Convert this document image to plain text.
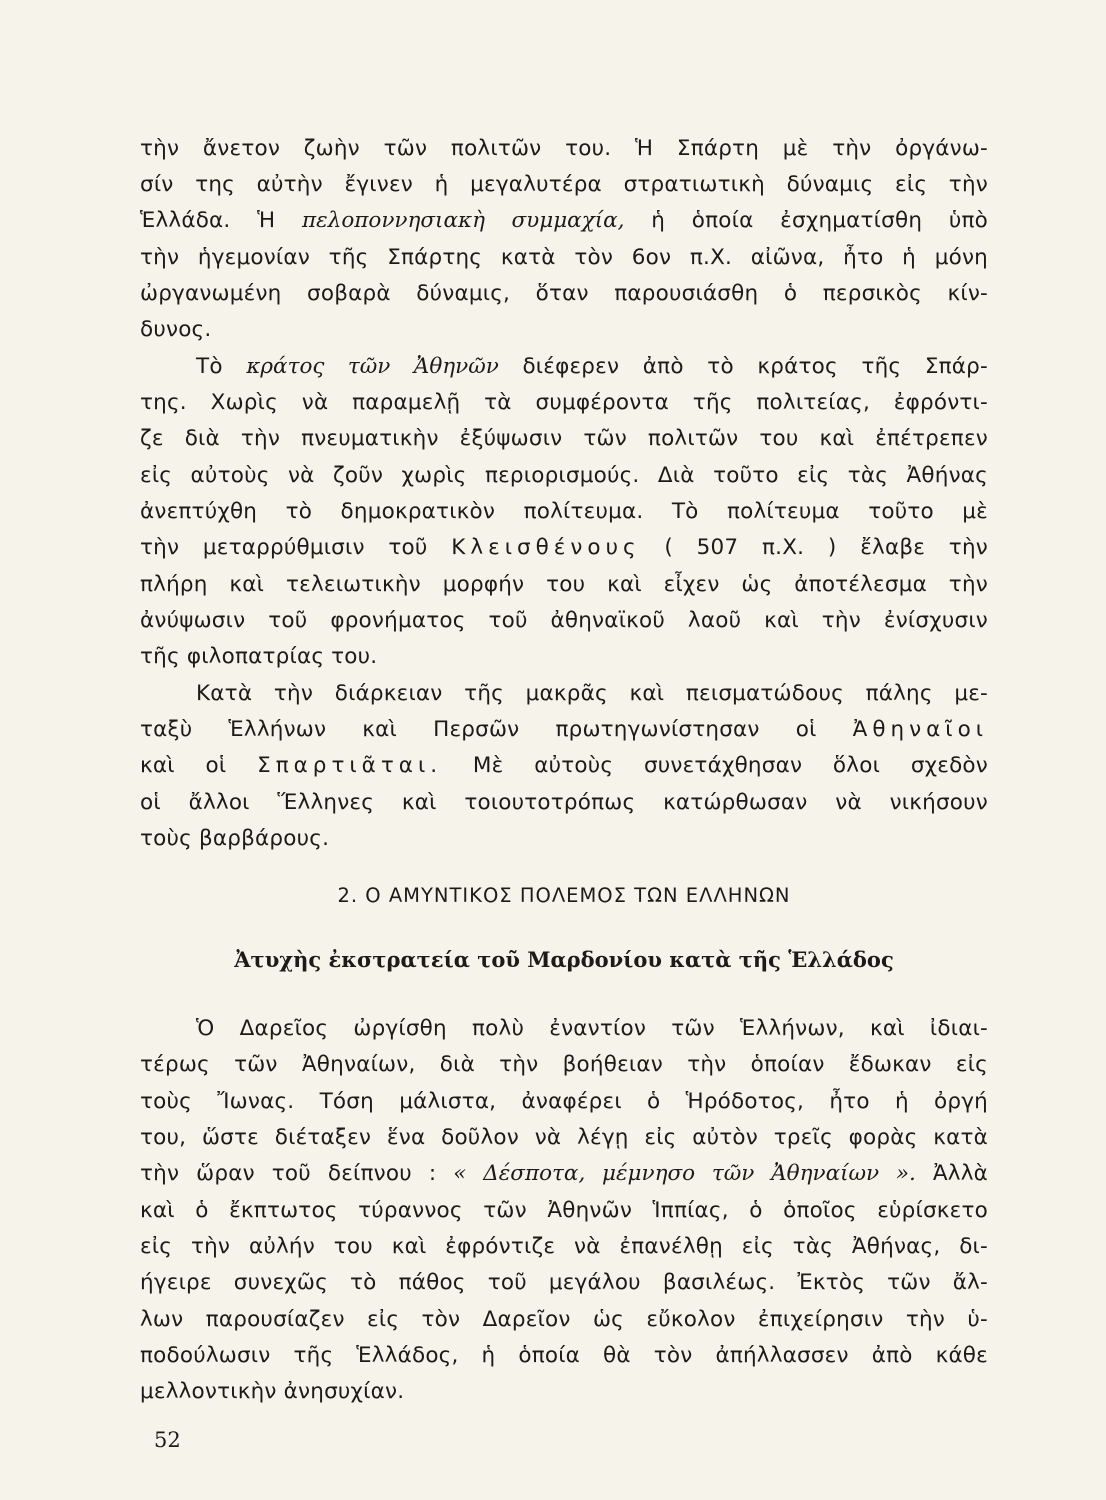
τὴν ἄνετον ζωὴν τῶν πολιτῶν του. Ἡ Σπάρτη μὲ τὴν ὀργάνω-
σίν της αὐτὴν ἔγινεν ἡ μεγαλυτέρα στρατιωτικὴ δύναμις εἰς τὴν
Ἑλλάδα. Ἡ πελοποννησιακὴ συμμαχία, ἡ ὁποία ἐσχηματίσθη ὑπὸ
τὴν ἡγεμονίαν τῆς Σπάρτης κατὰ τὸν 6ον π.Χ. αἰῶνα, ἦτο ἡ μόνη
ὠργανωμένη σοβαρὰ δύναμις, ὅταν παρουσιάσθη ὁ περσικὸς κίν-
δυνος.
Τὸ κράτος τῶν Ἀθηνῶν διέφερεν ἀπὸ τὸ κράτος τῆς Σπάρ-
της. Χωρὶς νὰ παραμελῇ τὰ συμφέροντα τῆς πολιτείας, ἐφρόντι-
ζε διὰ τὴν πνευματικὴν ἐξύψωσιν τῶν πολιτῶν του καὶ ἐπέτρεπεν
εἰς αὐτοὺς νὰ ζοῦν χωρὶς περιορισμούς. Διὰ τοῦτο εἰς τὰς Ἀθήνας
ἀνεπτύχθη τὸ δημοκρατικὸν πολίτευμα. Τὸ πολίτευμα τοῦτο μὲ
τὴν μεταρρύθμισιν τοῦ Κλεισθένους ( 507 π.Χ. ) ἔλαβε τὴν
πλήρη καὶ τελειωτικὴν μορφήν του καὶ εἶχεν ὡς ἀποτέλεσμα τὴν
ἀνύψωσιν τοῦ φρονήματος τοῦ ἀθηναϊκοῦ λαοῦ καὶ τὴν ἐνίσχυσιν
τῆς φιλοπατρίας του.
Κατὰ τὴν διάρκειαν τῆς μακρᾶς καὶ πεισματώδους πάλης με-
ταξὺ Ἑλλήνων καὶ Περσῶν πρωτηγωνίστησαν οἱ Ἀθηναῖοι
καὶ οἱ Σπαρτιᾶται. Μὲ αὐτοὺς συνετάχθησαν ὅλοι σχεδὸν
οἱ ἄλλοι Ἕλληνες καὶ τοιουτοτρόπως κατώρθωσαν νὰ νικήσουν
τοὺς βαρβάρους.
2. Ο ΑΜΥΝΤΙΚΟΣ ΠΟΛΕΜΟΣ ΤΩΝ ΕΛΛΗΝΩΝ
Ἀτυχὴς ἐκστρατεία τοῦ Μαρδονίου κατὰ τῆς Ἑλλάδος
Ὁ Δαρεῖος ὠργίσθη πολὺ ἐναντίον τῶν Ἑλλήνων, καὶ ἰδιαι-
τέρως τῶν Ἀθηναίων, διὰ τὴν βοήθειαν τὴν ὁποίαν ἔδωκαν εἰς
τοὺς Ἴωνας. Τόση μάλιστα, ἀναφέρει ὁ Ἡρόδοτος, ἦτο ἡ ὀργή
του, ὥστε διέταξεν ἕνα δοῦλον νὰ λέγῃ εἰς αὐτὸν τρεῖς φορὰς κατὰ
τὴν ὥραν τοῦ δείπνου : « Δέσποτα, μέμνησο τῶν Ἀθηναίων ». Ἀλλὰ
καὶ ὁ ἔκπτωτος τύραννος τῶν Ἀθηνῶν Ἱππίας, ὁ ὁποῖος εὑρίσκετο
εἰς τὴν αὐλήν του καὶ ἐφρόντιζε νὰ ἐπανέλθῃ εἰς τὰς Ἀθήνας, δι-
ήγειρε συνεχῶς τὸ πάθος τοῦ μεγάλου βασιλέως. Ἐκτὸς τῶν ἄλ-
λων παρουσίαζεν εἰς τὸν Δαρεῖον ὡς εὔκολον ἐπιχείρησιν τὴν ὑ-
ποδούλωσιν τῆς Ἑλλάδος, ἡ ὁποία θὰ τὸν ἀπήλλασσεν ἀπὸ κάθε
μελλοντικὴν ἀνησυχίαν.
52
